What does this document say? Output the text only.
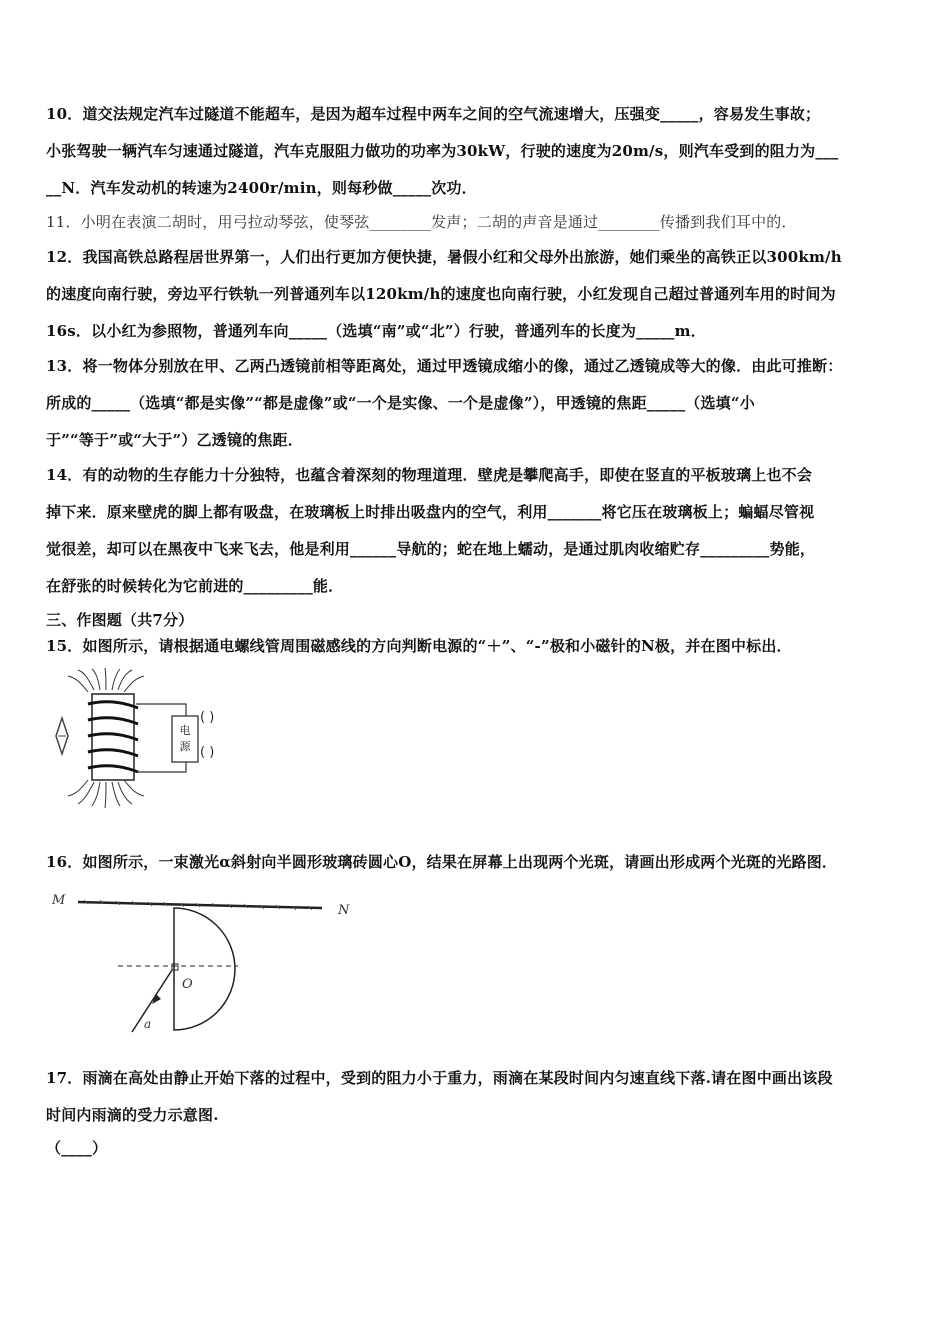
10．道交法规定汽车过隧道不能超车，是因为超车过程中两车之间的空气流速增大，压强变_____，容易发生事故；
小张驾驶一辆汽车匀速通过隧道，汽车克服阻力做功的功率为30kW，行驶的速度为20m/s，则汽车受到的阻力为___
__N．汽车发动机的转速为2400r/min，则每秒做_____次功．
11．小明在表演二胡时，用弓拉动琴弦，使琴弦________发声；二胡的声音是通过________传播到我们耳中的．
12．我国高铁总路程居世界第一，人们出行更加方便快捷，暑假小红和父母外出旅游，她们乘坐的高铁正以300km/h
的速度向南行驶，旁边平行铁轨一列普通列车以120km/h的速度也向南行驶，小红发现自己超过普通列车用的时间为
16s．以小红为参照物，普通列车向_____（选填“南”或“北”）行驶，普通列车的长度为_____m．
13．将一物体分别放在甲、乙两凸透镜前相等距离处，通过甲透镜成缩小的像，通过乙透镜成等大的像．由此可推断：
所成的_____（选填“都是实像”“都是虚像”或“一个是实像、一个是虚像”），甲透镜的焦距_____（选填“小
于”“等于”或“大于”）乙透镜的焦距．
14．有的动物的生存能力十分独特，也蕴含着深刻的物理道理．壁虎是攀爬高手，即使在竖直的平板玻璃上也不会
掉下来．原来壁虎的脚上都有吸盘，在玻璃板上时排出吸盘内的空气，利用_______将它压在玻璃板上；蝙蝠尽管视
觉很差，却可以在黑夜中飞来飞去，他是利用______导航的；蛇在地上蠕动，是通过肌肉收缩贮存_________势能，
在舒张的时候转化为它前进的_________能．
三、作图题（共7分）
15．如图所示，请根据通电螺线管周围磁感线的方向判断电源的“＋”、“-”极和小磁针的N极，并在图中标出．
电
源
( )
( )
16．如图所示，一束激光α斜射向半圆形玻璃砖圆心O，结果在屏幕上出现两个光斑，请画出形成两个光斑的光路图．
M
N
O
a
17．雨滴在高处由静止开始下落的过程中，受到的阻力小于重力，雨滴在某段时间内匀速直线下落.请在图中画出该段
时间内雨滴的受力示意图.
（____）
